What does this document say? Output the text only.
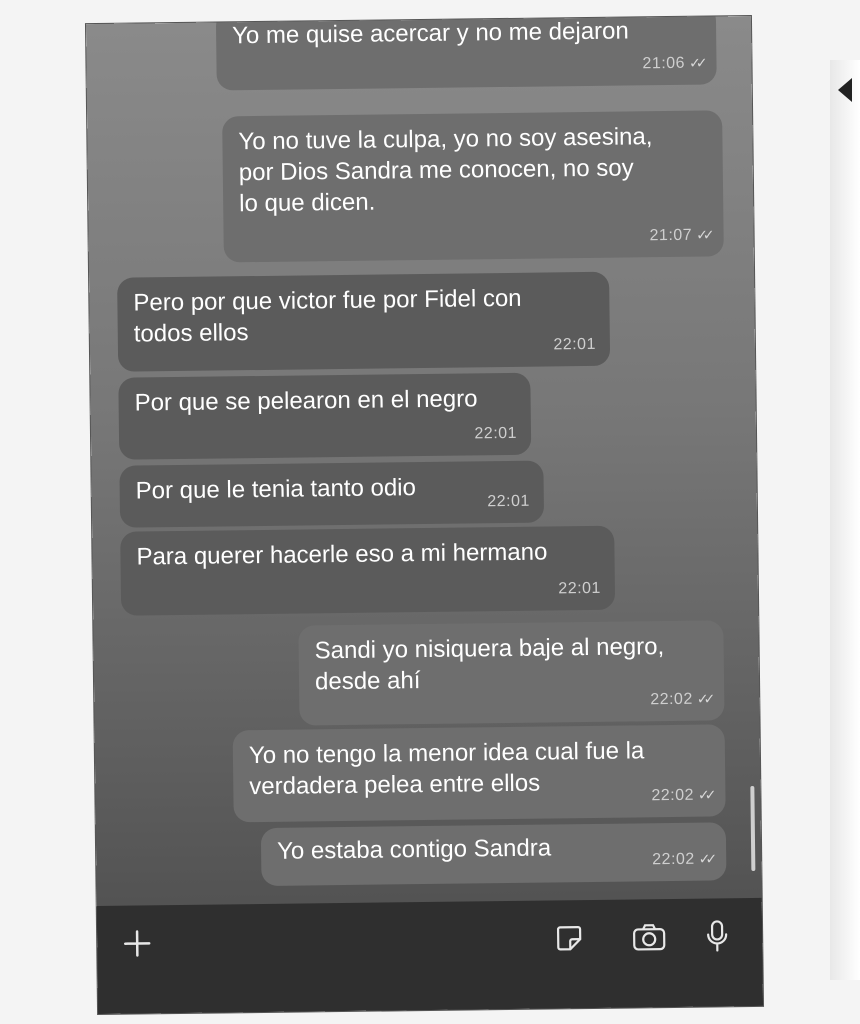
Yo me quise acercar y no me dejaron
21:06 ✓✓
Yo no tuve la culpa, yo no soy asesina,
por Dios Sandra me conocen, no soy
lo que dicen.
21:07 ✓✓
Pero por que victor fue por Fidel con
todos ellos	22:01
Por que se pelearon en el negro
22:01
Por que le tenia tanto odio	22:01
Para querer hacerle eso a mi hermano
22:01
Sandi yo nisiquera baje al negro,
desde ahí
22:02 ✓✓
Yo no tengo la menor idea cual fue la
verdadera pelea entre ellos	22:02 ✓✓
Yo estaba contigo Sandra	22:02 ✓✓
